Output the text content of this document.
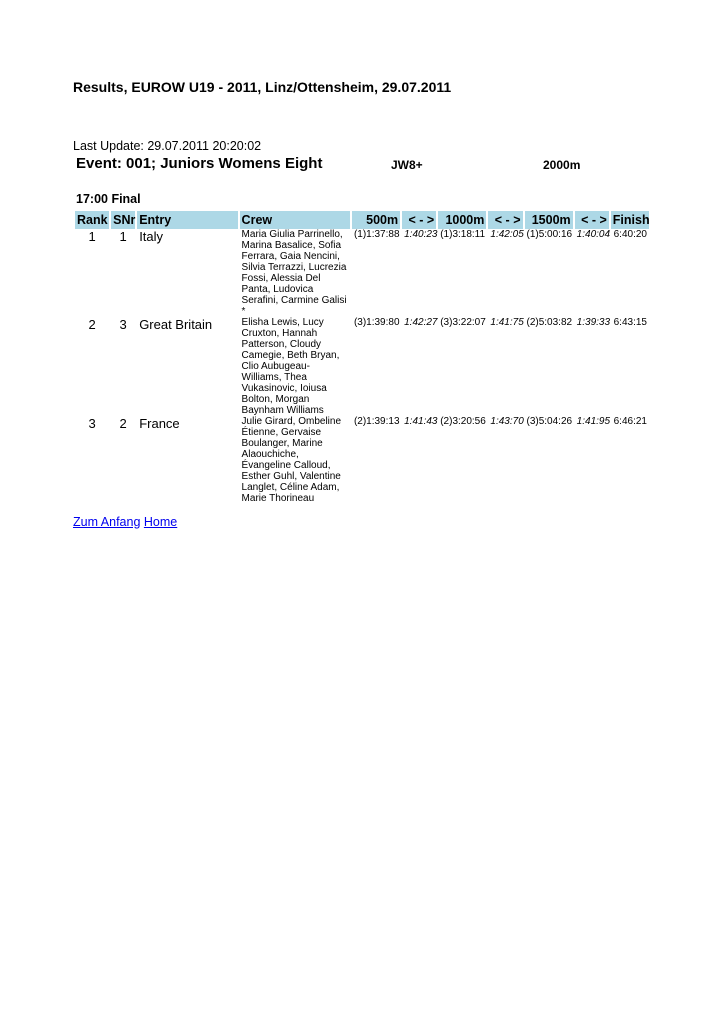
Results, EUROW U19 - 2011, Linz/Ottensheim, 29.07.2011
Last Update: 29.07.2011 20:20:02
Event: 001; Juniors Womens Eight	JW8+	2000m
17:00 Final
Rank	SNr	Entry	Crew	500m	< - >	1000m	< - >	1500m	< - >	Finish
1	1	Italy	Maria Giulia Parrinello, Marina Basalice, Sofia Ferrara, Gaia Nencini, Silvia Terrazzi, Lucrezia Fossi, Alessia Del Panta, Ludovica Serafini, Carmine Galisi *	(1)1:37:88	1:40:23	(1)3:18:11	1:42:05	(1)5:00:16	1:40:04	6:40:20
2	3	Great Britain	Elisha Lewis, Lucy Cruxton, Hannah Patterson, Cloudy Camegie, Beth Bryan, Clio Aubugeau-Williams, Thea Vukasinovic, Ioiusa Bolton, Morgan Baynham Williams	(3)1:39:80	1:42:27	(3)3:22:07	1:41:75	(2)5:03:82	1:39:33	6:43:15
3	2	France	Julie Girard, Ombeline Étienne, Gervaise Boulanger, Marine Alaouchiche, Évangeline Calloud, Esther Guhl, Valentine Langlet, Céline Adam, Marie Thorineau	(2)1:39:13	1:41:43	(2)3:20:56	1:43:70	(3)5:04:26	1:41:95	6:46:21
Zum Anfang Home
